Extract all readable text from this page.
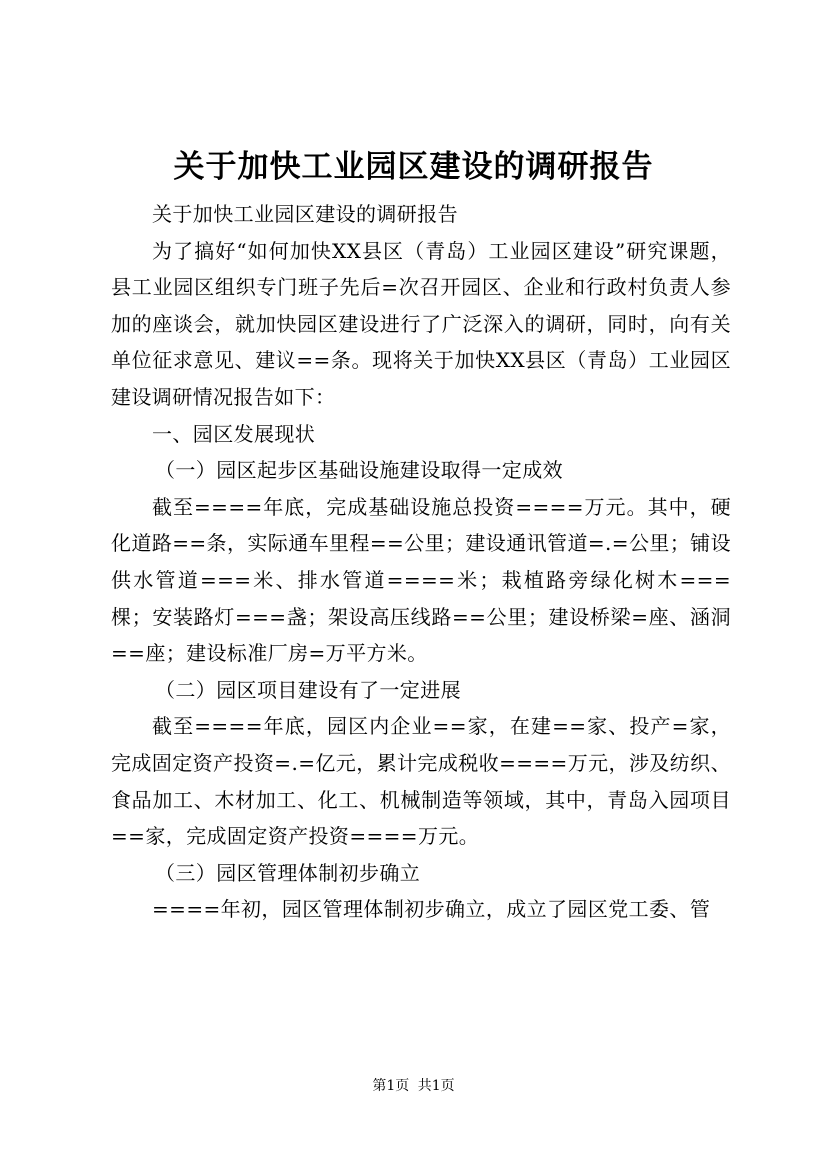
关于加快工业园区建设的调研报告

关于加快工业园区建设的调研报告

为了搞好“如何加快XX县区（青岛）工业园区建设”研究课题，县工业园区组织专门班子先后=次召开园区、企业和行政村负责人参加的座谈会，就加快园区建设进行了广泛深入的调研，同时，向有关单位征求意见、建议==条。现将关于加快XX县区（青岛）工业园区建设调研情况报告如下：

一、园区发展现状

（一）园区起步区基础设施建设取得一定成效

截至====年底，完成基础设施总投资====万元。其中，硬化道路==条，实际通车里程==公里；建设通讯管道=.=公里；铺设供水管道===米、排水管道====米；栽植路旁绿化树木===棵；安装路灯===盏；架设高压线路==公里；建设桥梁=座、涵洞==座；建设标准厂房=万平方米。

（二）园区项目建设有了一定进展

截至====年底，园区内企业==家，在建==家、投产=家，完成固定资产投资=.=亿元，累计完成税收====万元，涉及纺织、食品加工、木材加工、化工、机械制造等领域，其中，青岛入园项目==家，完成固定资产投资====万元。

（三）园区管理体制初步确立

====年初，园区管理体制初步确立，成立了园区党工委、管

第1页 共1页
